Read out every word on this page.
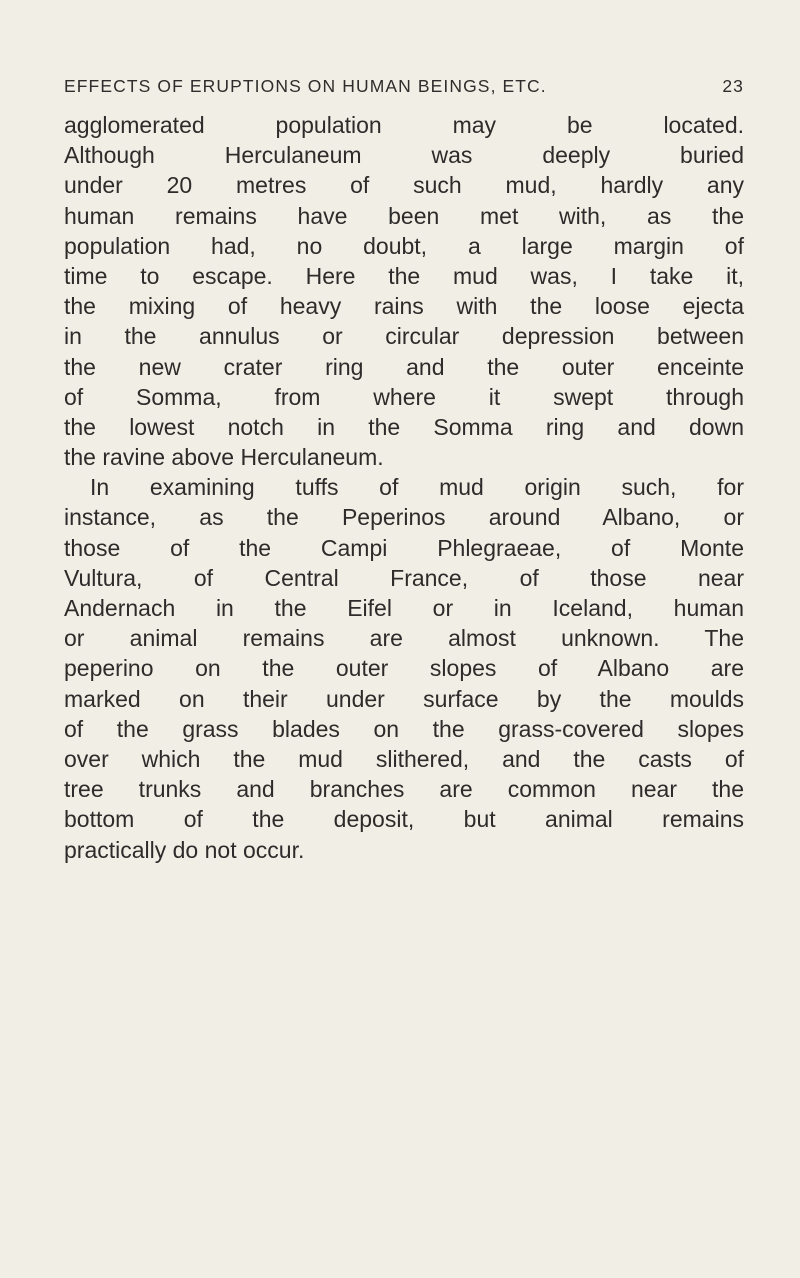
EFFECTS OF ERUPTIONS ON HUMAN BEINGS, ETC.	23
agglomerated population may be located.
Although Herculaneum was deeply buried
under 20 metres of such mud, hardly any
human remains have been met with, as the
population had, no doubt, a large margin of
time to escape. Here the mud was, I take it,
the mixing of heavy rains with the loose ejecta
in the annulus or circular depression between
the new crater ring and the outer enceinte
of Somma, from where it swept through
the lowest notch in the Somma ring and down
the ravine above Herculaneum.
In examining tuffs of mud origin such, for
instance, as the Peperinos around Albano, or
those of the Campi Phlegraeae, of Monte
Vultura, of Central France, of those near
Andernach in the Eifel or in Iceland, human
or animal remains are almost unknown. The
peperino on the outer slopes of Albano are
marked on their under surface by the moulds
of the grass blades on the grass-covered slopes
over which the mud slithered, and the casts of
tree trunks and branches are common near the
bottom of the deposit, but animal remains
practically do not occur.
